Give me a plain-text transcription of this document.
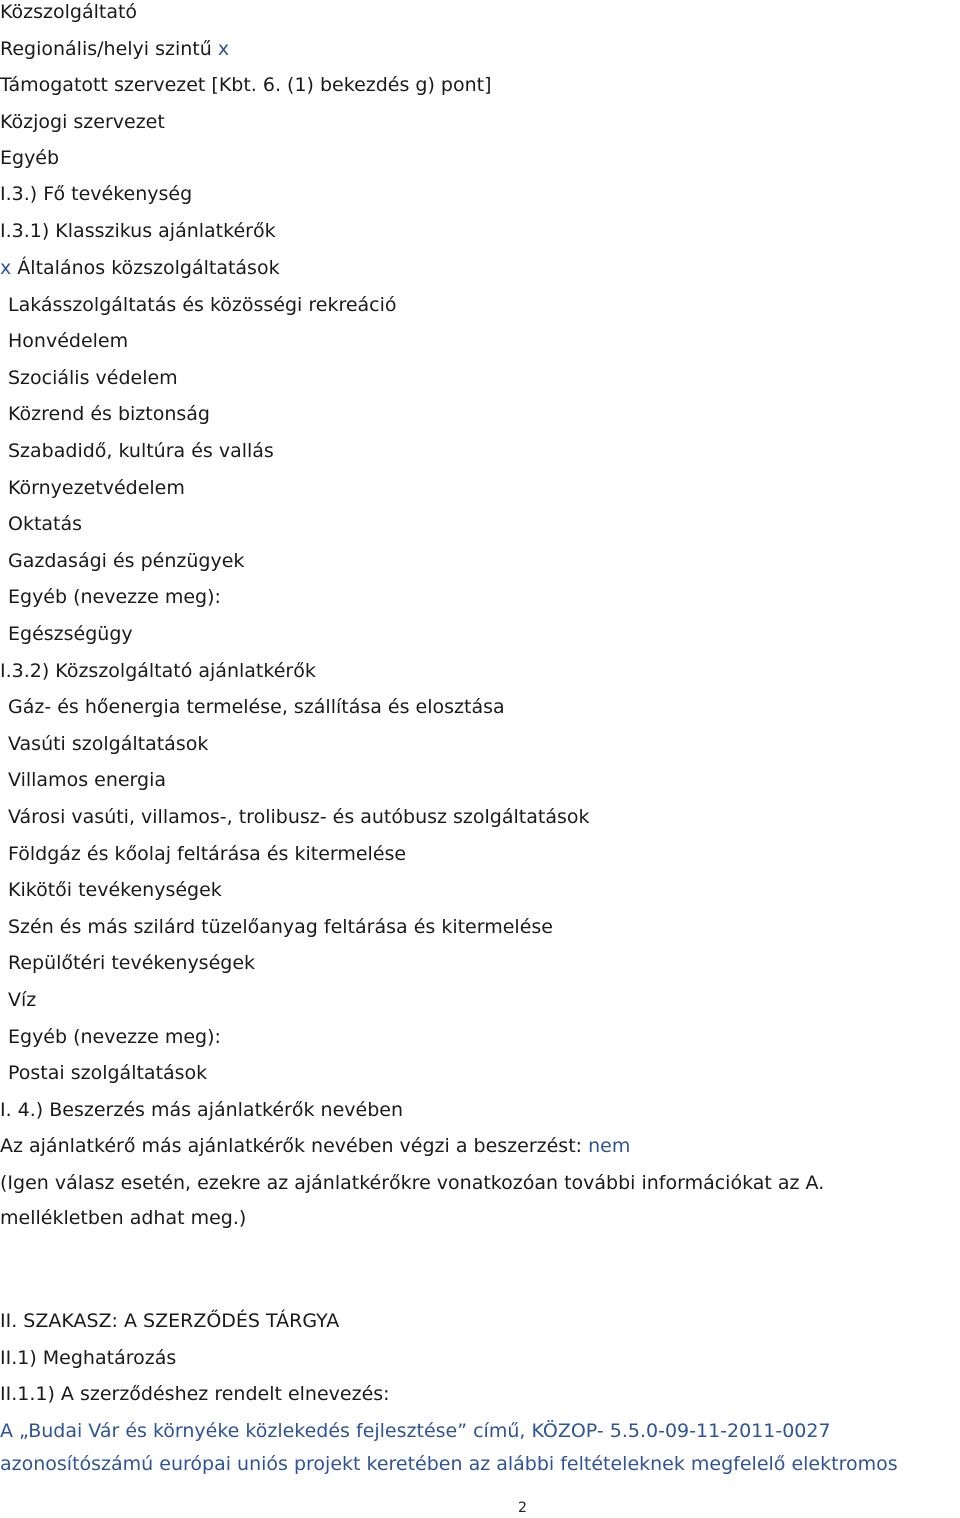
Közszolgáltató
Regionális/helyi szintű x
Támogatott szervezet [Kbt. 6. (1) bekezdés g) pont]
Közjogi szervezet
Egyéb
I.3.) Fő tevékenység
I.3.1) Klasszikus ajánlatkérők
x Általános közszolgáltatások
Lakásszolgáltatás és közösségi rekreáció
Honvédelem
Szociális védelem
Közrend és biztonság
Szabadidő, kultúra és vallás
Környezetvédelem
Oktatás
Gazdasági és pénzügyek
Egyéb (nevezze meg):
Egészségügy
I.3.2) Közszolgáltató ajánlatkérők
Gáz- és hőenergia termelése, szállítása és elosztása
Vasúti szolgáltatások
Villamos energia
Városi vasúti, villamos-, trolibusz- és autóbusz szolgáltatások
Földgáz és kőolaj feltárása és kitermelése
Kikötői tevékenységek
Szén és más szilárd tüzelőanyag feltárása és kitermelése
Repülőtéri tevékenységek
Víz
Egyéb (nevezze meg):
Postai szolgáltatások
I. 4.) Beszerzés más ajánlatkérők nevében
Az ajánlatkérő más ajánlatkérők nevében végzi a beszerzést: nem
(Igen válasz esetén, ezekre az ajánlatkérőkre vonatkozóan további információkat az A.
mellékletben adhat meg.)
II. SZAKASZ: A SZERZŐDÉS TÁRGYA
II.1) Meghatározás
II.1.1) A szerződéshez rendelt elnevezés:
A „Budai Vár és környéke közlekedés fejlesztése” című, KÖZOP- 5.5.0-09-11-2011-0027
azonosítószámú európai uniós projekt keretében az alábbi feltételeknek megfelelő elektromos
2
